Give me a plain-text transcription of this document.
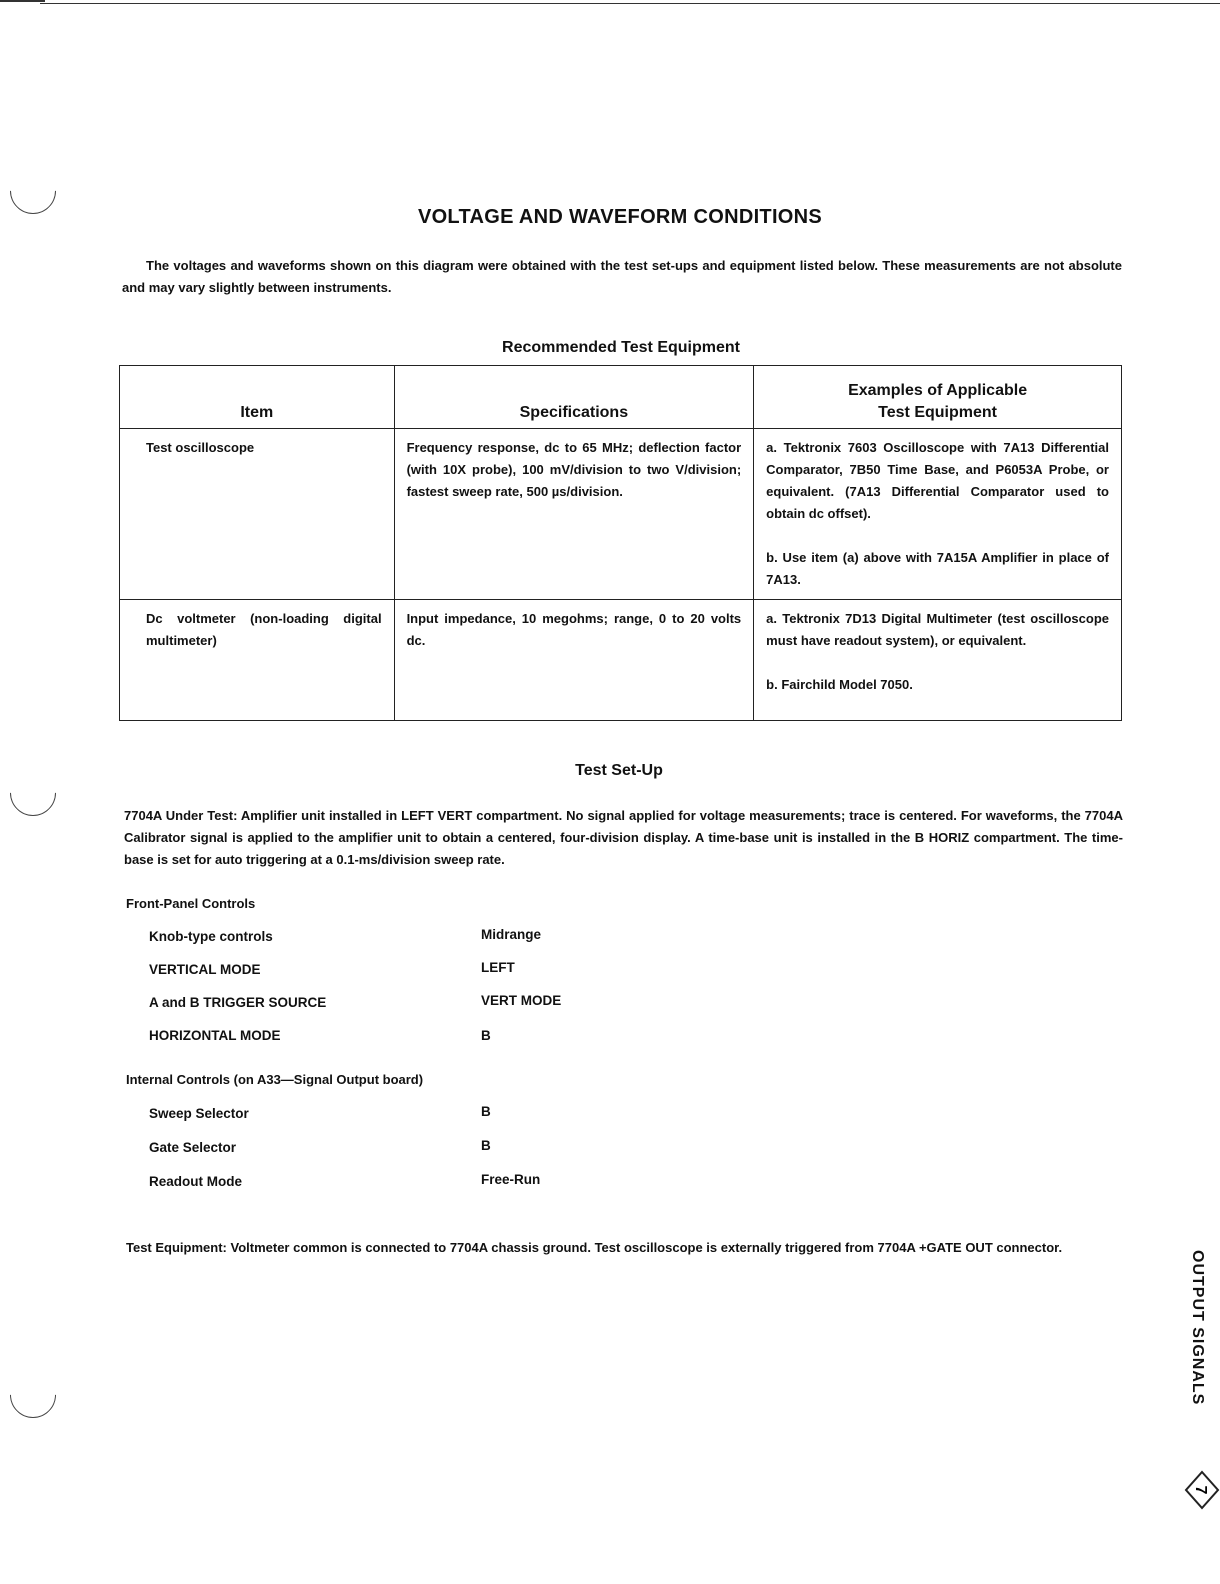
VOLTAGE AND WAVEFORM CONDITIONS
The voltages and waveforms shown on this diagram were obtained with the test set-ups and equipment listed below. These measurements are not absolute and may vary slightly between instruments.
Recommended Test Equipment
Item	Specifications	Examples of Applicable
Test Equipment
Test oscilloscope	Frequency response, dc to 65 MHz; deflection factor (with 10X probe), 100 mV/division to two V/division; fastest sweep rate, 500 µs/division.	a. Tektronix 7603 Oscilloscope with 7A13 Differential Comparator, 7B50 Time Base, and P6053A Probe, or equivalent. (7A13 Differential Comparator used to obtain dc offset).
b. Use item (a) above with 7A15A Amplifier in place of 7A13.
Dc voltmeter (non-loading digital multimeter)	Input impedance, 10 megohms; range, 0 to 20 volts dc.	a. Tektronix 7D13 Digital Multimeter (test oscilloscope must have readout system), or equivalent.
b. Fairchild Model 7050.
Test Set-Up
7704A Under Test: Amplifier unit installed in LEFT VERT compartment. No signal applied for voltage measurements; trace is centered. For waveforms, the 7704A Calibrator signal is applied to the amplifier unit to obtain a centered, four-division display. A time-base unit is installed in the B HORIZ compartment. The time-base is set for auto triggering at a 0.1-ms/division sweep rate.
Front-Panel Controls
Knob-type controls	Midrange
VERTICAL MODE	LEFT
A and B TRIGGER SOURCE	VERT MODE
HORIZONTAL MODE	B
Internal Controls (on A33—Signal Output board)
Sweep Selector	B
Gate Selector	B
Readout Mode	Free-Run
Test Equipment: Voltmeter common is connected to 7704A chassis ground. Test oscilloscope is externally triggered from 7704A +GATE OUT connector.
OUTPUT SIGNALS
7
